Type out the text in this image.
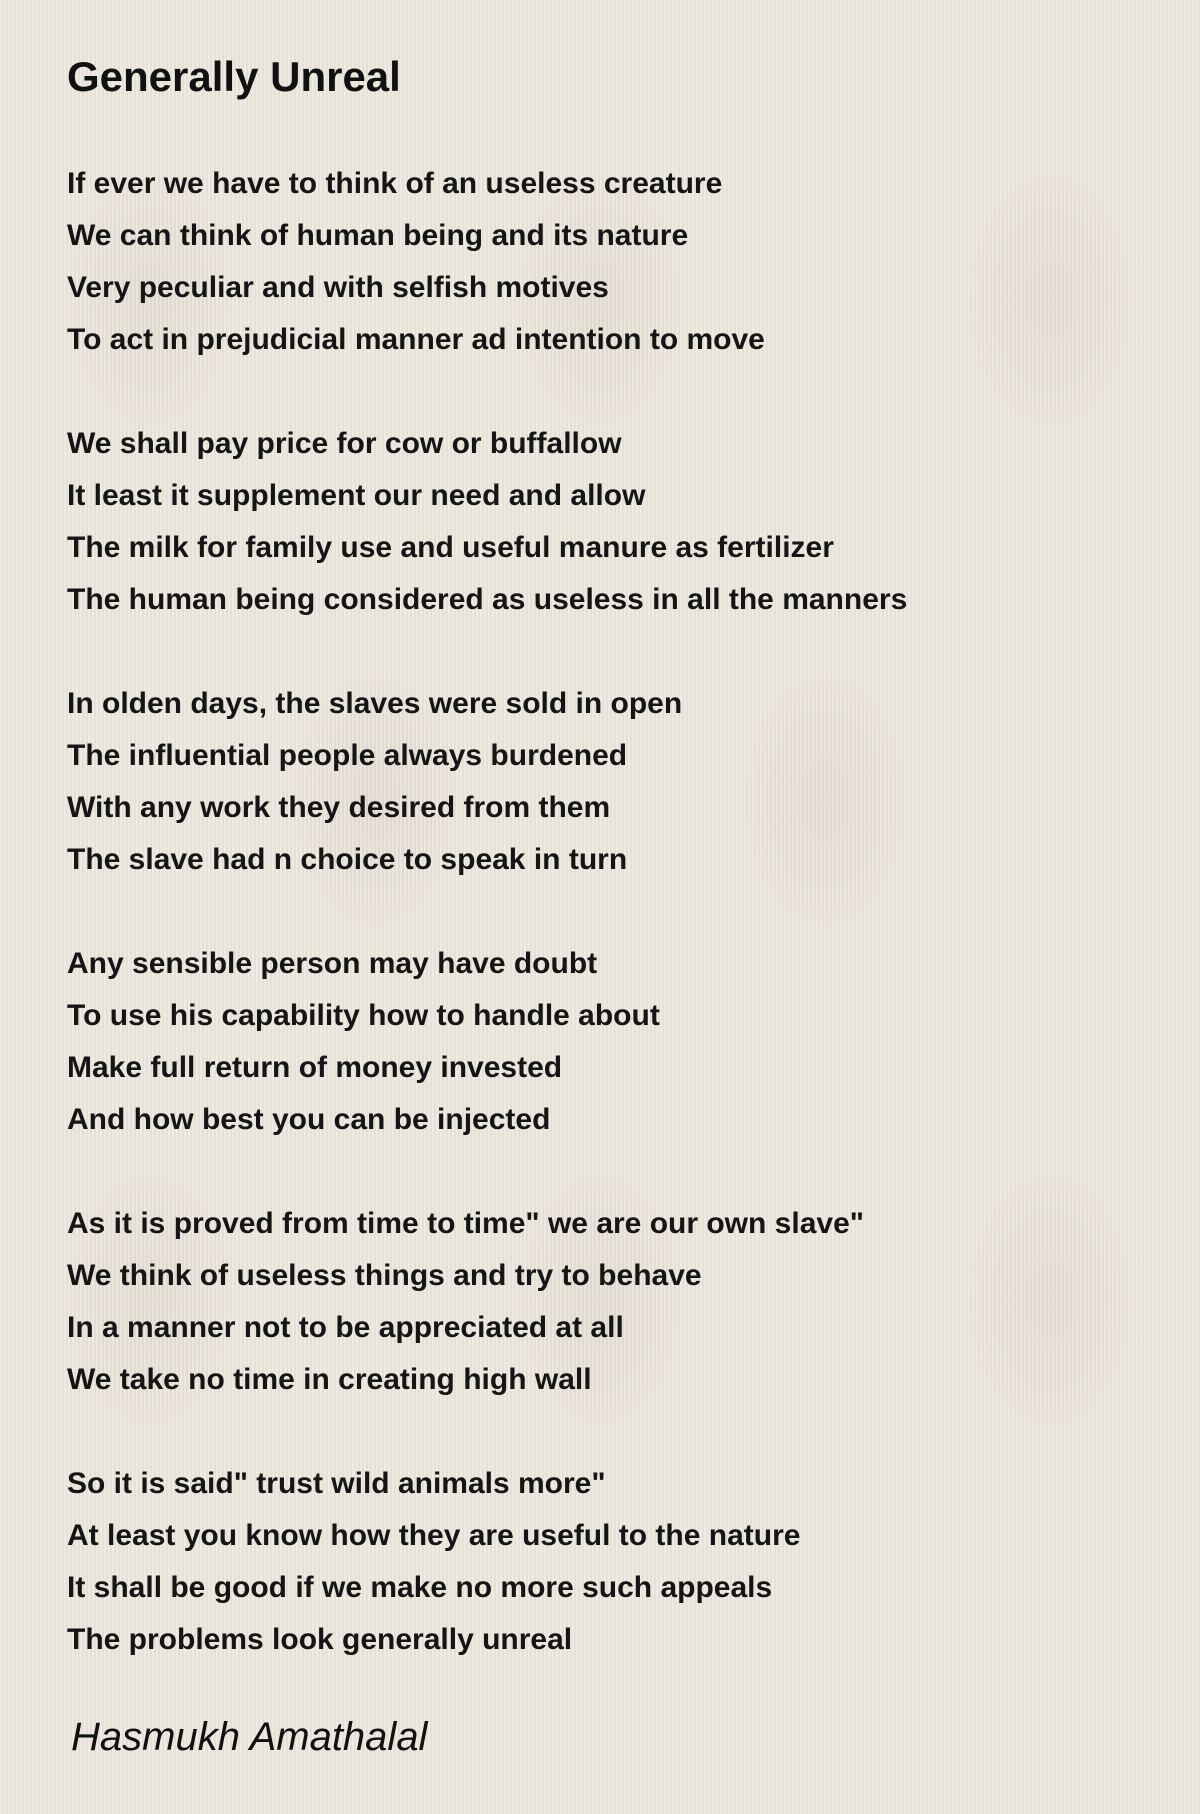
Generally Unreal
If ever we have to think of an useless creature
We can think of human being and its nature
Very peculiar and with selfish motives
To act in prejudicial manner ad intention to move
We shall pay price for cow or buffallow
It least it supplement our need and allow
The milk for family use and useful manure as fertilizer
The human being considered as useless in all the manners
In olden days, the slaves were sold in open
The influential people always burdened
With any work they desired from them
The slave had n choice to speak in turn
Any sensible person may have doubt
To use his capability how to handle about
Make full return of money invested
And how best you can be injected
As it is proved from time to time" we are our own slave"
We think of useless things and try to behave
In a manner not to be appreciated at all
We take no time in creating high wall
So it is said" trust wild animals more"
At least you know how they are useful to the nature
It shall be good if we make no more such appeals
The problems look generally unreal
Hasmukh Amathalal
